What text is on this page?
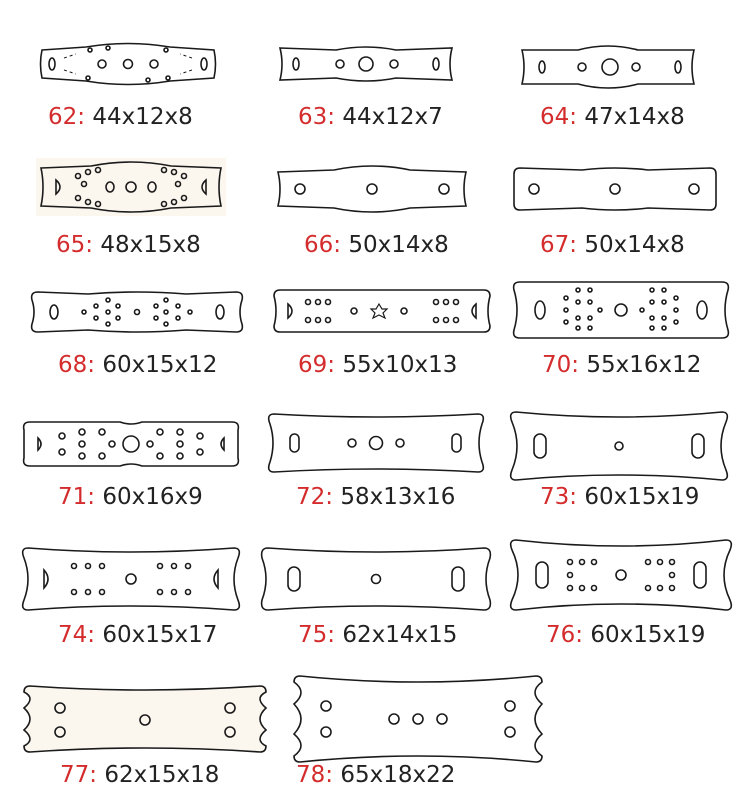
62: 44x12x8	63: 44x12x7	64: 47x14x8
65: 48x15x8	66: 50x14x8	67: 50x14x8
68: 60x15x12	69: 55x10x13	70: 55x16x12
71: 60x16x9	72: 58x13x16	73: 60x15x19
74: 60x15x17	75: 62x14x15	76: 60x15x19
77: 62x15x18	78: 65x18x22
